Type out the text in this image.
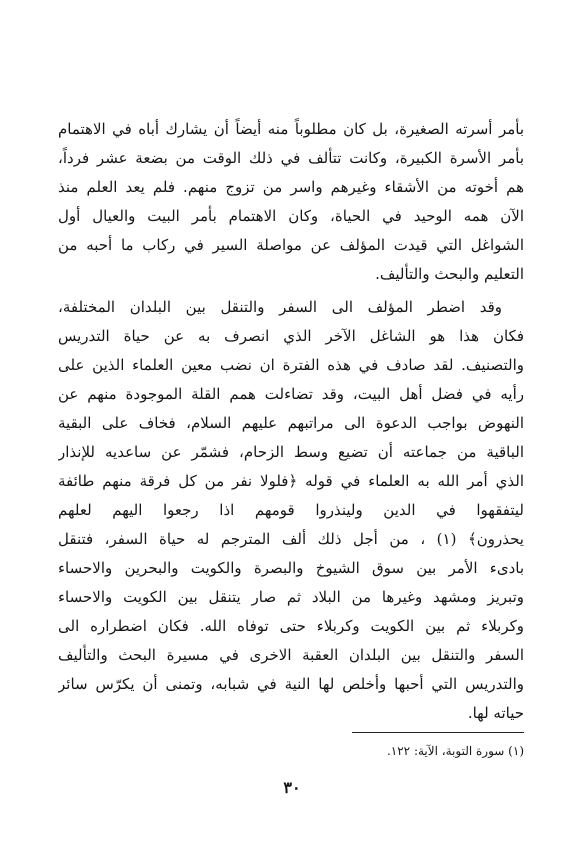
بأمر أسرته الصغيرة، بل كان مطلوباً منه أيضاً أن يشارك أباه في الاهتمام
بأمر الأسرة الكبيرة، وكانت تتألف في ذلك الوقت من بضعة عشر فرداً،
هم أخوته من الأشقاء وغيرهم واسر من تزوج منهم. فلم يعد العلم منذ
الآن همه الوحيد في الحياة، وكان الاهتمام بأمر البيت والعيال أول
الشواغل التي قيدت المؤلف عن مواصلة السير في ركاب ما أحبه من
التعليم والبحث والتأليف.
وقد اضطر المؤلف الى السفر والتنقل بين البلدان المختلفة،
فكان هذا هو الشاغل الآخر الذي انصرف به عن حياة التدريس
والتصنيف. لقد صادف في هذه الفترة ان نضب معين العلماء الذين على
رأيه في فضل أهل البيت، وقد تضاءلت همم القلة الموجودة منهم عن
النهوض بواجب الدعوة الى مراتبهم عليهم السلام، فخاف على البقية
الباقية من جماعته أن تضيع وسط الزحام، فشمّر عن ساعديه للإنذار
الذي أمر الله به العلماء في قوله ﴿فلولا نفر من كل فرقة منهم طائفة
ليتفقهوا في الدين ولينذروا قومهم اذا رجعوا اليهم لعلهم
يحذرون﴾ (١) ، من أجل ذلك ألف المترجم له حياة السفر، فتنقل
بادىء الأمر بين سوق الشيوخ والبصرة والكويت والبحرين والاحساء
وتبريز ومشهد وغيرها من البلاد ثم صار يتنقل بين الكويت والاحساء
وكربلاء ثم بين الكويت وكربلاء حتى توفاه الله. فكان اضطراره الى
السفر والتنقل بين البلدان العقبة الاخرى في مسيرة البحث والتأليف
والتدريس التي أحبها وأخلص لها النية في شبابه، وتمنى أن يكرّس سائر
حياته لها.
(١) سورة التوبة، الآية: ١٢٢.
٣٠
